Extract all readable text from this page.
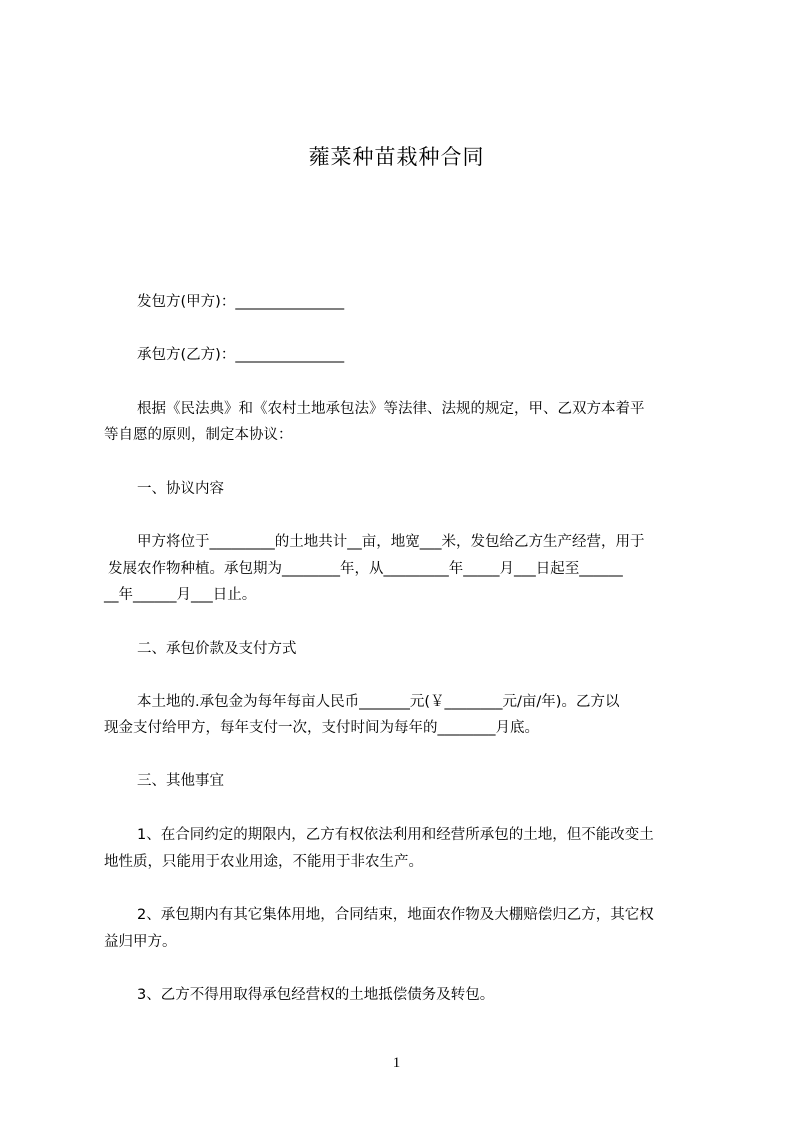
蕹菜种苗栽种合同
发包方(甲方)：_______________
承包方(乙方)：_______________
根据《民法典》和《农村土地承包法》等法律、法规的规定，甲、乙双方本着平
等自愿的原则，制定本协议：
一、协议内容
甲方将位于_________的土地共计__亩，地宽___米，发包给乙方生产经营，用于
发展农作物种植。承包期为________年，从_________年_____月___日起至______
__年______月___日止。
二、承包价款及支付方式
本土地的.承包金为每年每亩人民币_______元(￥________元/亩/年)。乙方以
现金支付给甲方，每年支付一次，支付时间为每年的________月底。
三、其他事宜
1、在合同约定的期限内，乙方有权依法利用和经营所承包的土地，但不能改变土
地性质，只能用于农业用途，不能用于非农生产。
2、承包期内有其它集体用地，合同结束，地面农作物及大棚赔偿归乙方，其它权
益归甲方。
3、乙方不得用取得承包经营权的土地抵偿债务及转包。
1
